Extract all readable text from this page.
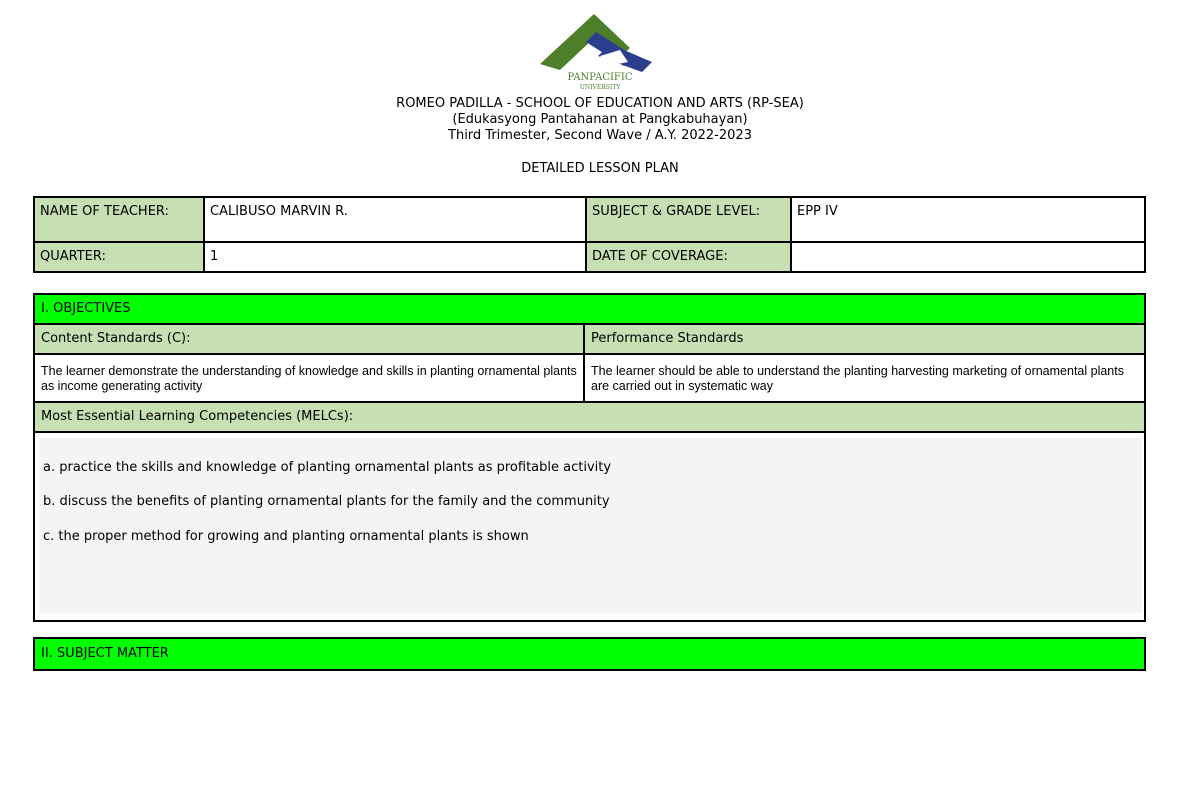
PANPACIFIC
UNIVERSITY
ROMEO PADILLA - SCHOOL OF EDUCATION AND ARTS (RP-SEA)
(Edukasyong Pantahanan at Pangkabuhayan)
Third Trimester, Second Wave / A.Y. 2022-2023
DETAILED LESSON PLAN
NAME OF TEACHER:	CALIBUSO MARVIN R.	SUBJECT & GRADE LEVEL:	EPP IV
QUARTER:	1	DATE OF COVERAGE:	
I. OBJECTIVES
Content Standards (C):	Performance Standards
The learner demonstrate the understanding of knowledge and skills in planting ornamental plants as income generating activity
The learner should be able to understand the planting harvesting marketing of ornamental plants are carried out in systematic way
Most Essential Learning Competencies (MELCs):

a. practice the skills and knowledge of planting ornamental plants as profitable activity

b. discuss the benefits of planting ornamental plants for the family and the community

c. the proper method for growing and planting ornamental plants is shown

II. SUBJECT MATTER
